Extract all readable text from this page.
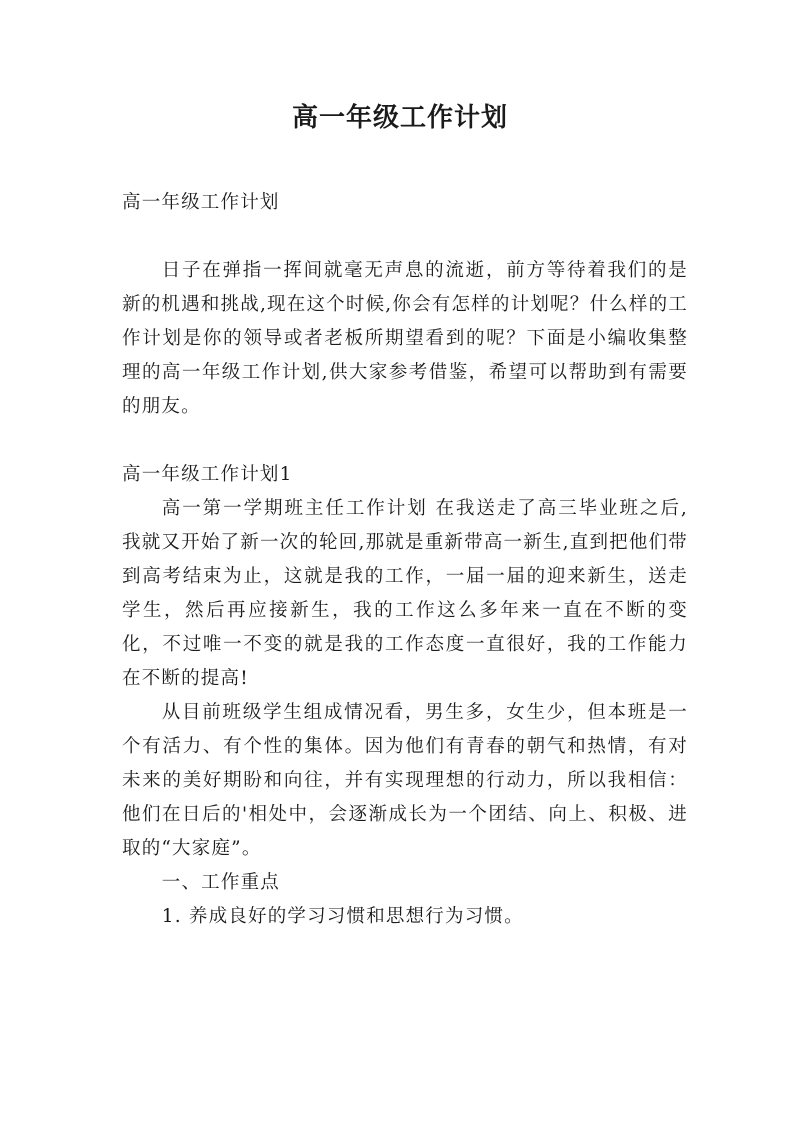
高一年级工作计划

高一年级工作计划

日子在弹指一挥间就毫无声息的流逝，前方等待着我们的是新的机遇和挑战,现在这个时候,你会有怎样的计划呢？什么样的工作计划是你的领导或者老板所期望看到的呢？下面是小编收集整理的高一年级工作计划,供大家参考借鉴，希望可以帮助到有需要的朋友。

高一年级工作计划1

高一第一学期班主任工作计划 在我送走了高三毕业班之后,我就又开始了新一次的轮回,那就是重新带高一新生,直到把他们带到高考结束为止，这就是我的工作，一届一届的迎来新生，送走学生，然后再应接新生，我的工作这么多年来一直在不断的变化，不过唯一不变的就是我的工作态度一直很好，我的工作能力在不断的提高!

从目前班级学生组成情况看，男生多，女生少，但本班是一个有活力、有个性的集体。因为他们有青春的朝气和热情，有对未来的美好期盼和向往，并有实现理想的行动力，所以我相信：他们在日后的'相处中，会逐渐成长为一个团结、向上、积极、进取的“大家庭”。

一、工作重点

1. 养成良好的学习习惯和思想行为习惯。
